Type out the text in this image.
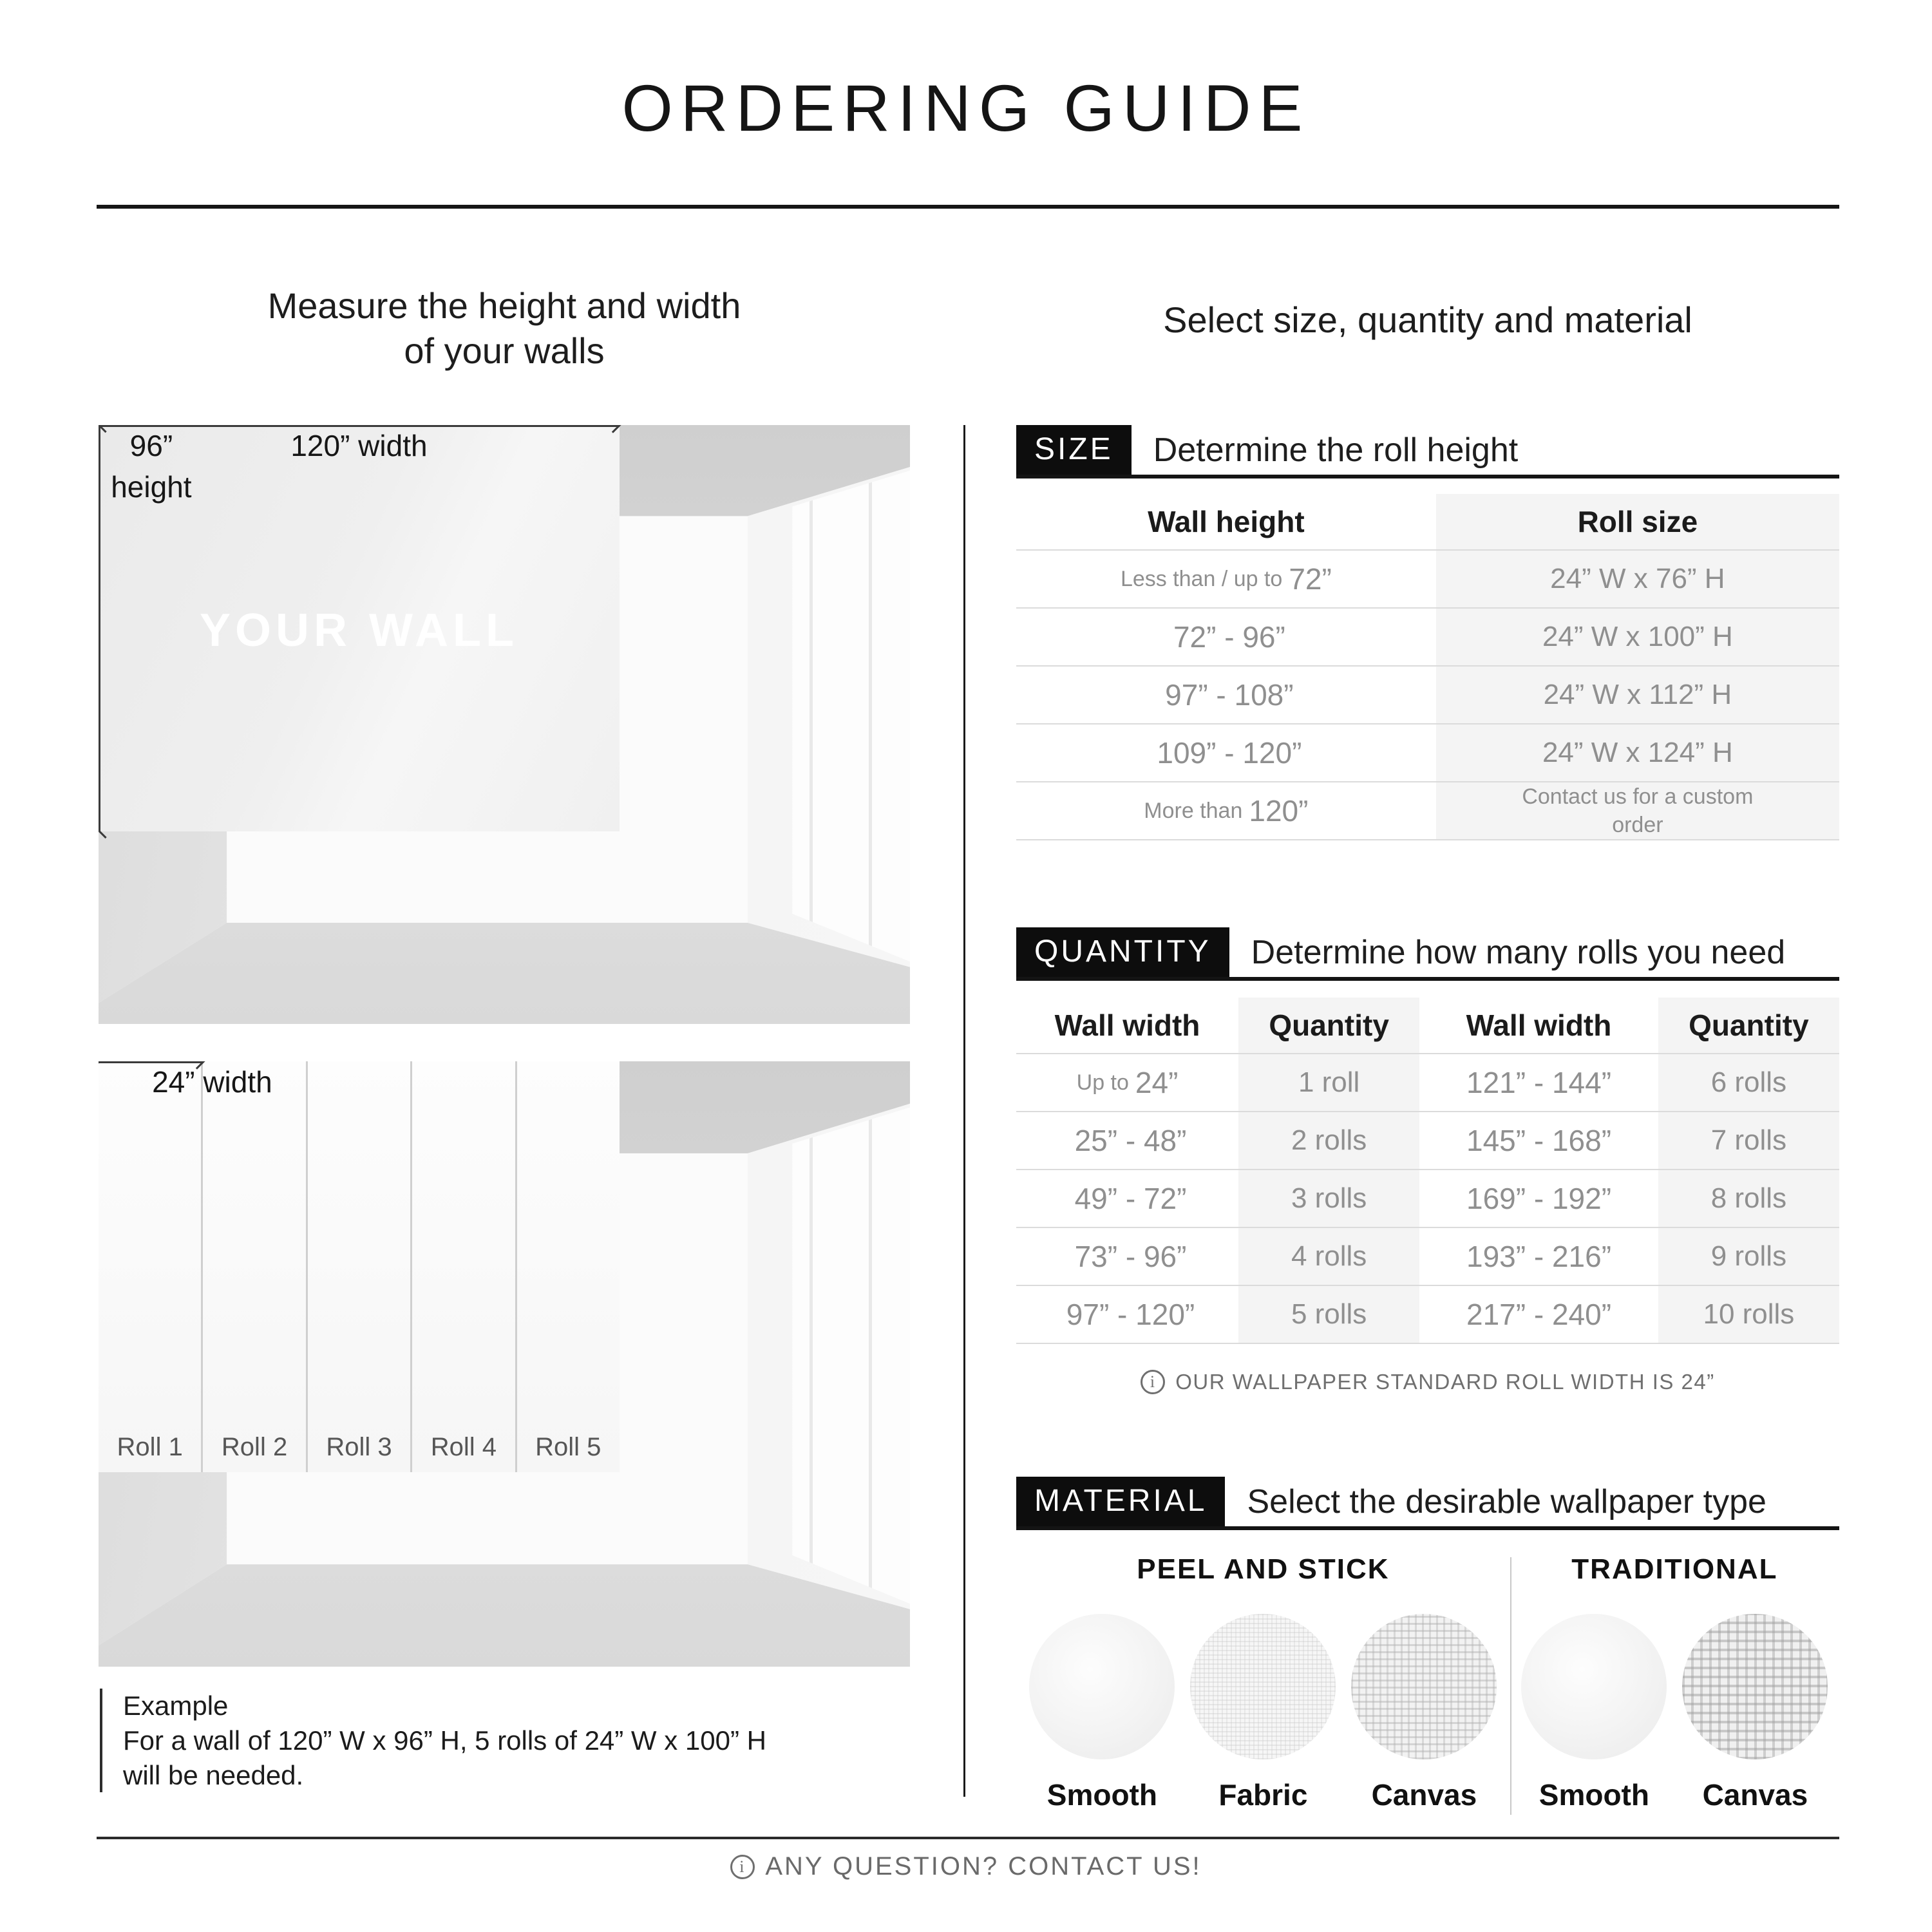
ORDERING GUIDE
Measure the height and width
of your walls
Select size, quantity and material
YOUR WALL
96”
height
120” width
Roll 1	Roll 2	Roll 3	Roll 4	Roll 5
24” width
Example
For a wall of 120” W x 96” H, 5 rolls of 24” W x 100” H
will be needed.
SIZE	Determine the roll height
Wall height	Roll size
Less than / up to 72”	24” W x 76” H
72” - 96”	24” W x 100” H
97” - 108”	24” W x 112” H
109” - 120”	24” W x 124” H
More than 120”	Contact us for a custom order
QUANTITY	Determine how many rolls you need
Wall width	Quantity	Wall width	Quantity
Up to 24”	1 roll	121” - 144”	6 rolls
25” - 48”	2 rolls	145” - 168”	7 rolls
49” - 72”	3 rolls	169” - 192”	8 rolls
73” - 96”	4 rolls	193” - 216”	9 rolls
97” - 120”	5 rolls	217” - 240”	10 rolls
i
OUR WALLPAPER STANDARD ROLL WIDTH IS 24”
MATERIAL	Select the desirable wallpaper type
PEEL AND STICK
Smooth	Fabric	Canvas
TRADITIONAL
Smooth	Canvas
i
ANY QUESTION? CONTACT US!
